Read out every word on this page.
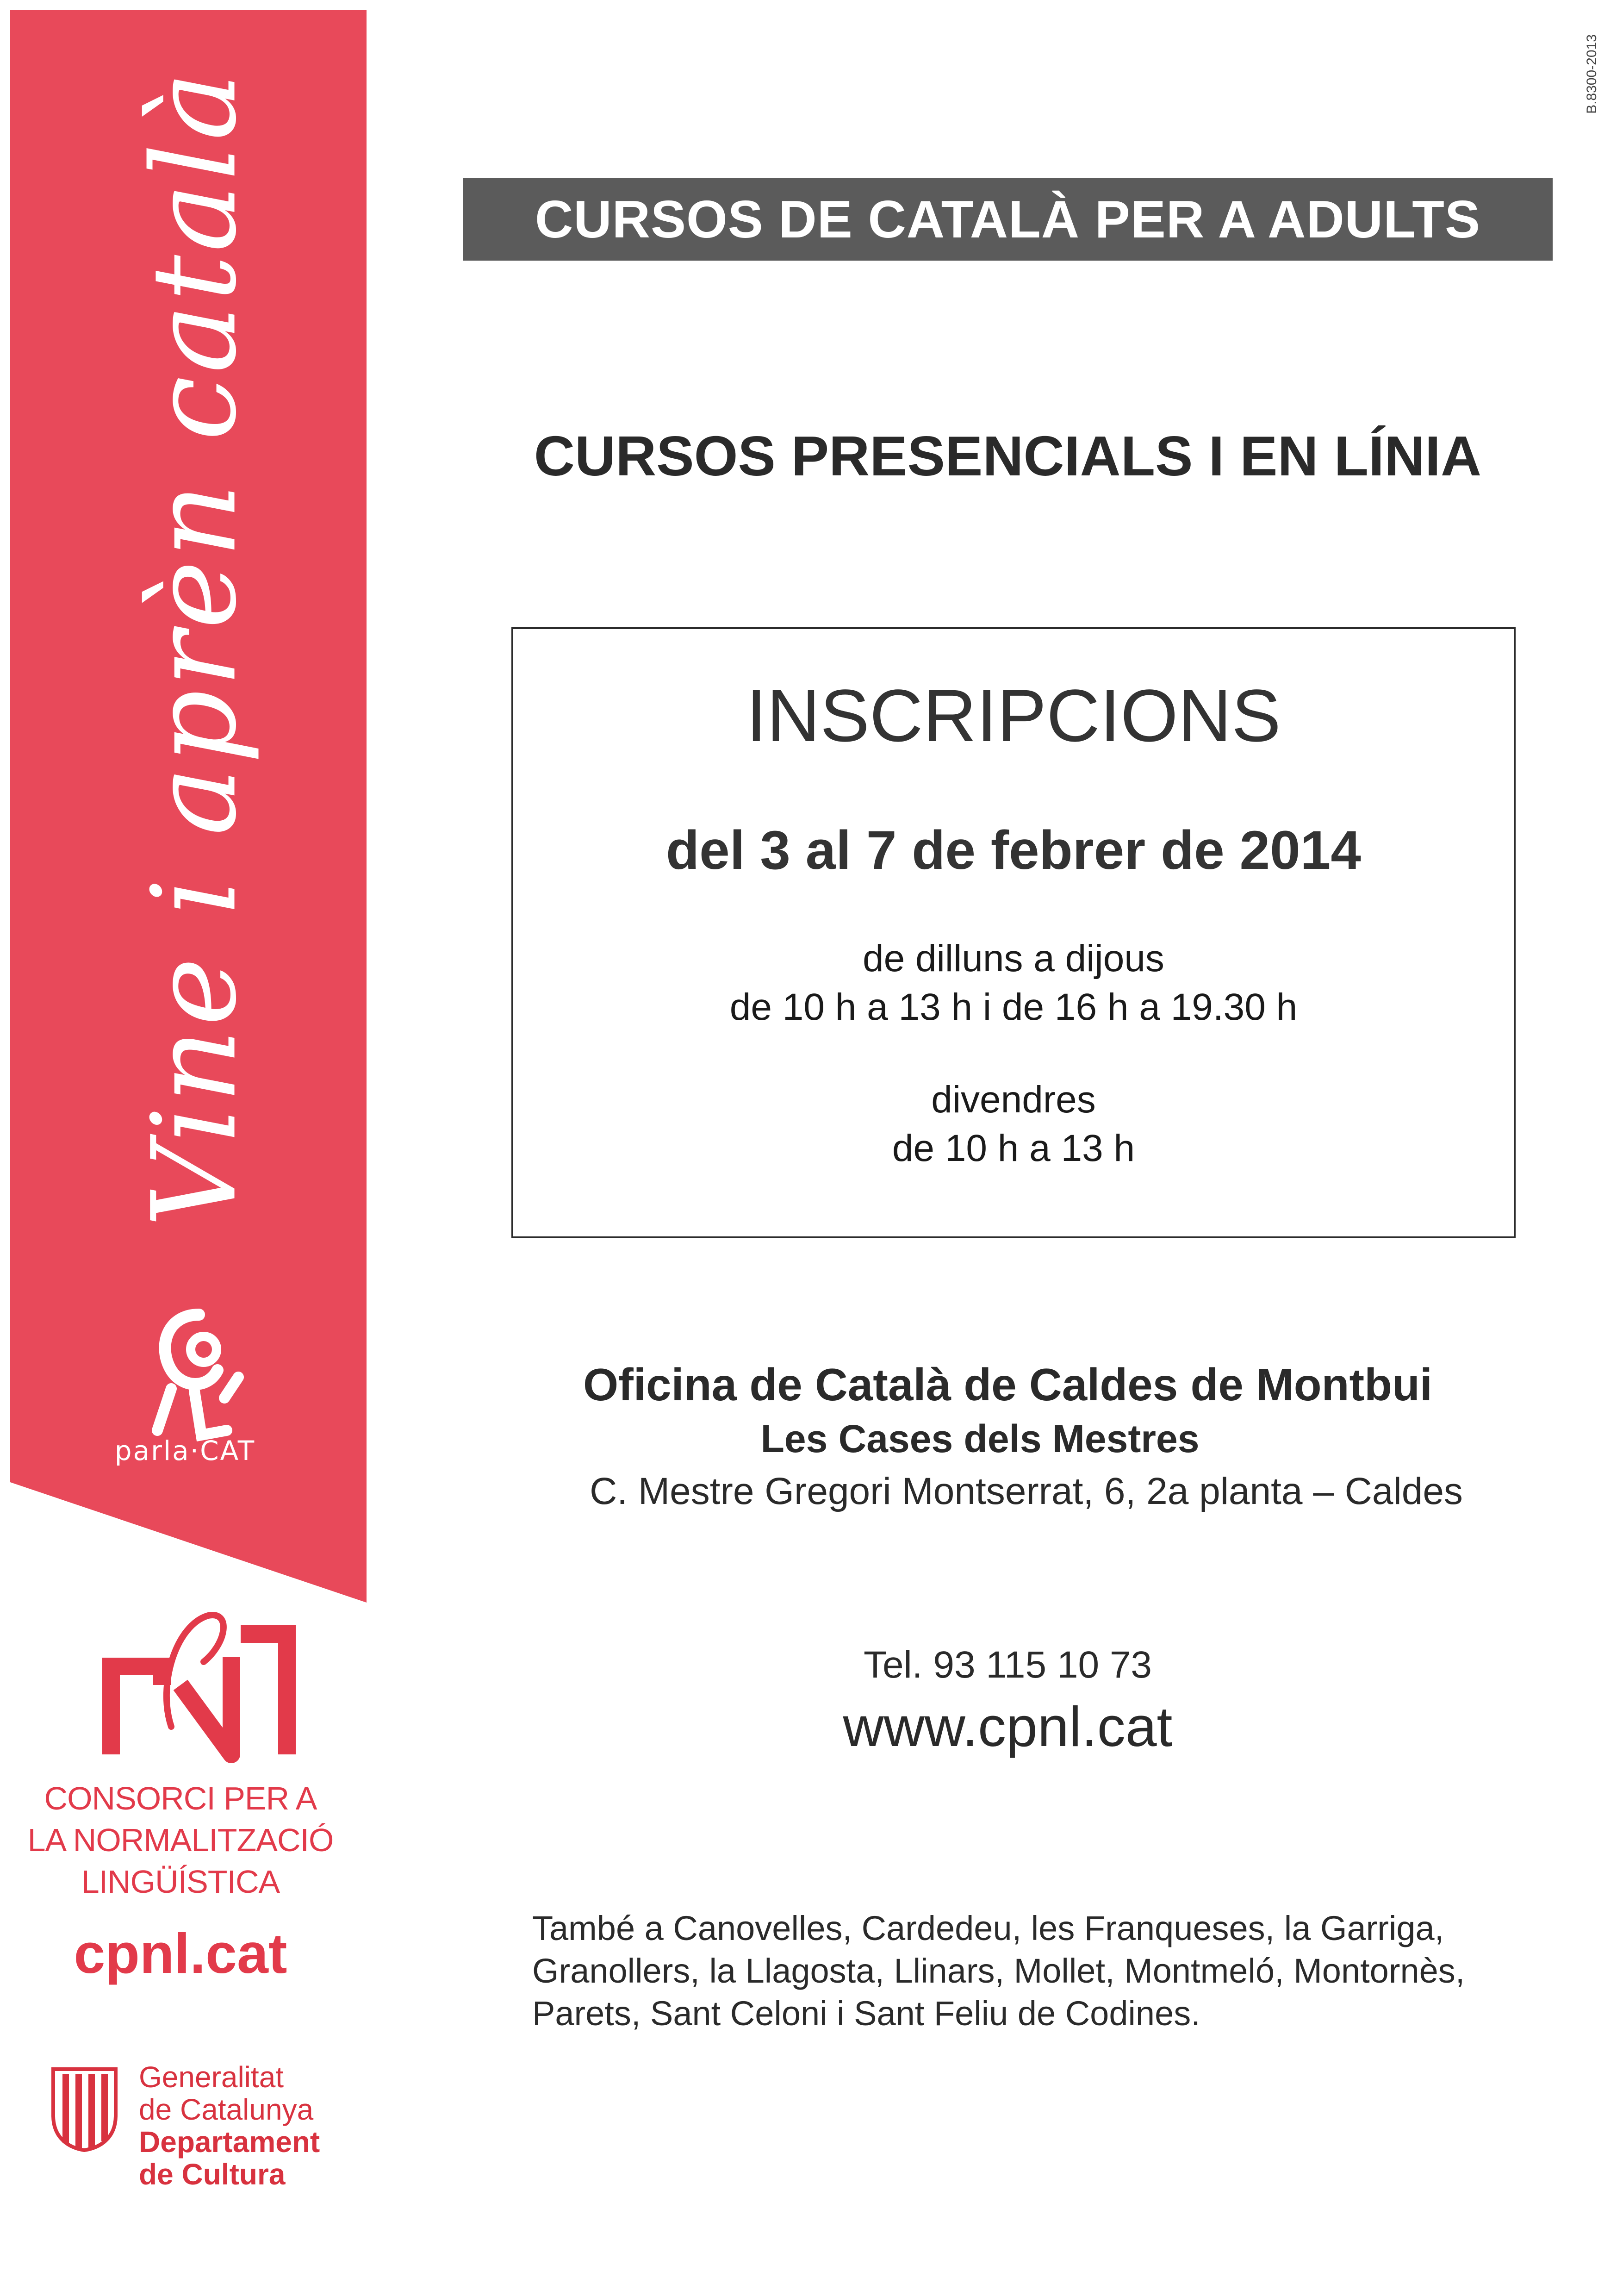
Vine i aprèn català
parla·CAT
B.8300-2013
CURSOS DE CATALÀ PER A ADULTS
CURSOS PRESENCIALS I EN LÍNIA
INSCRIPCIONS
del 3 al 7 de febrer de 2014
de dilluns a dijous
de 10 h a 13 h i de 16 h a 19.30 h
divendres
de 10 h a 13 h
Oficina de Català de Caldes de Montbui
Les Cases dels Mestres
C. Mestre Gregori Montserrat, 6, 2a planta – Caldes
Tel. 93 115 10 73
www.cpnl.cat
També a Canovelles, Cardedeu, les Franqueses, la Garriga, Granollers, la Llagosta, Llinars, Mollet, Montmeló, Montornès, Parets, Sant Celoni i Sant Feliu de Codines.
CONSORCI PER A
LA NORMALITZACIÓ
LINGÜÍSTICA
cpnl.cat
Generalitat
de Catalunya
Departament
de Cultura
